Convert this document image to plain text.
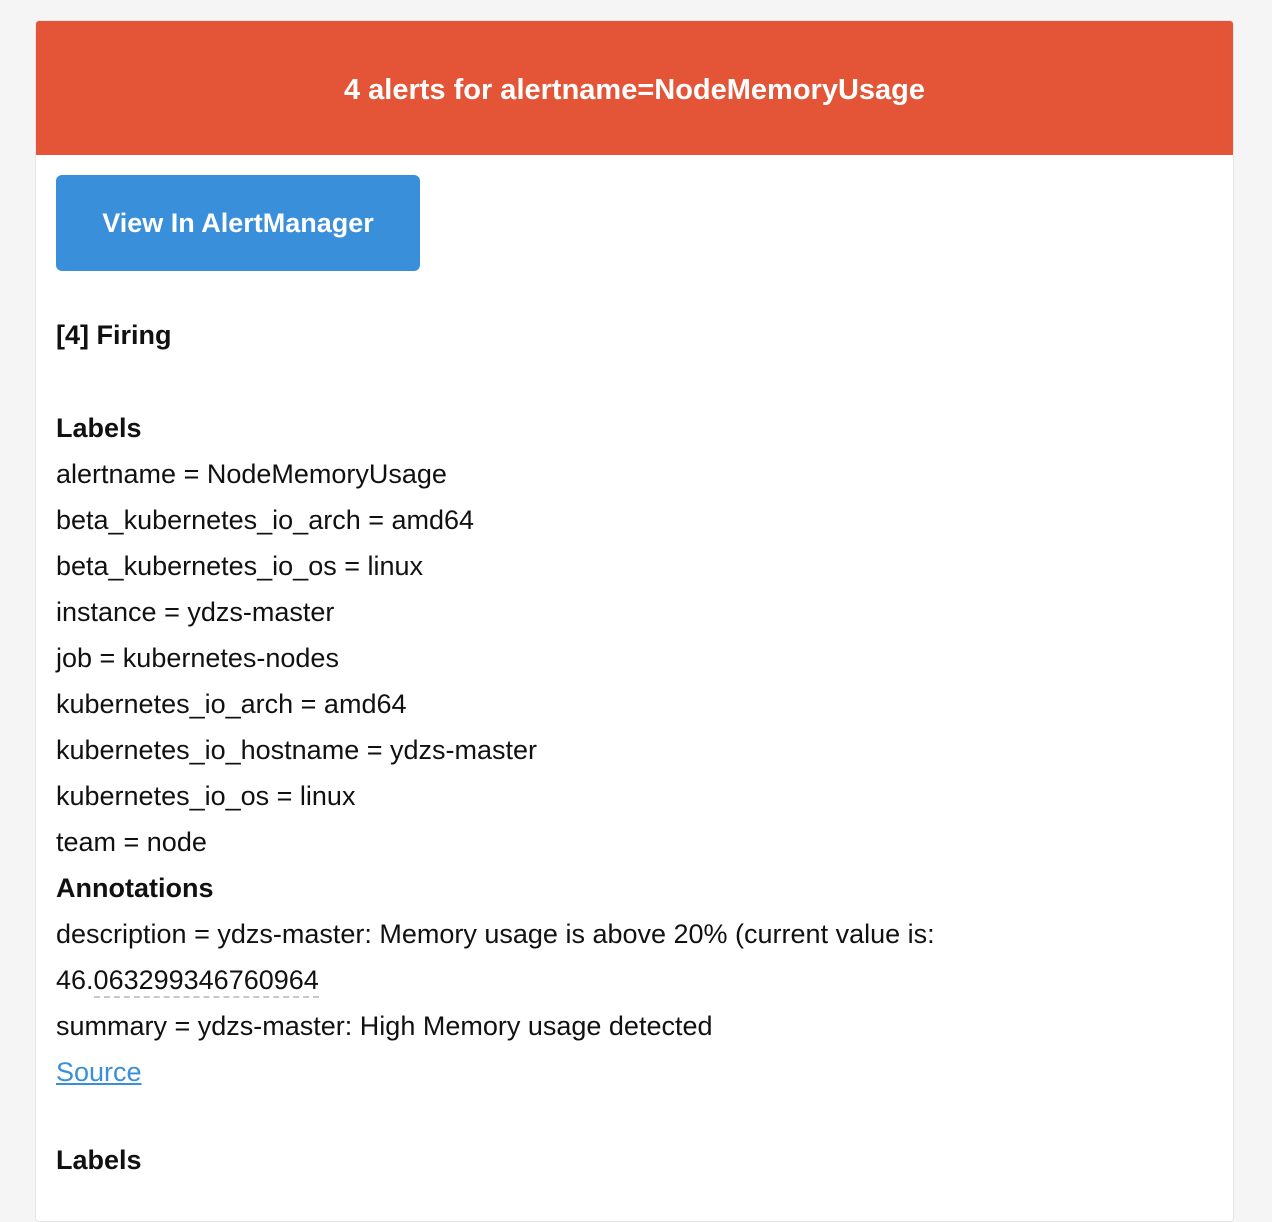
4 alerts for alertname=NodeMemoryUsage
View In AlertManager
[4] Firing
Labels
alertname = NodeMemoryUsage
beta_kubernetes_io_arch = amd64
beta_kubernetes_io_os = linux
instance = ydzs-master
job = kubernetes-nodes
kubernetes_io_arch = amd64
kubernetes_io_hostname = ydzs-master
kubernetes_io_os = linux
team = node
Annotations
description = ydzs-master: Memory usage is above 20% (current value is:
46.063299346760964
summary = ydzs-master: High Memory usage detected
Source
Labels
